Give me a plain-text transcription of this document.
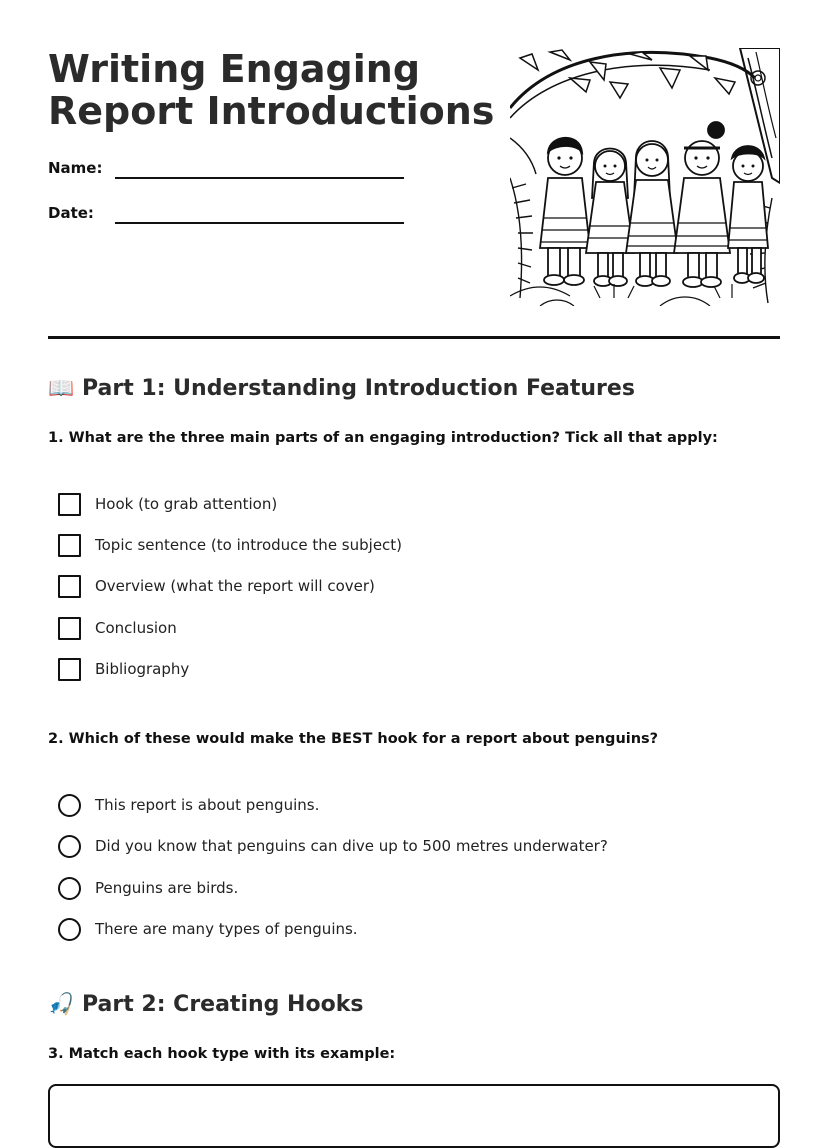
Writing Engaging
Report Introductions
Name:
Date:
📖 Part 1: Understanding Introduction Features

1. What are the three main parts of an engaging introduction? Tick all that apply:

Hook (to grab attention)
Topic sentence (to introduce the subject)
Overview (what the report will cover)
Conclusion
Bibliography

2. Which of these would make the BEST hook for a report about penguins?

This report is about penguins.
Did you know that penguins can dive up to 500 metres underwater?
Penguins are birds.
There are many types of penguins.
🎣 Part 2: Creating Hooks

3. Match each hook type with its example:
